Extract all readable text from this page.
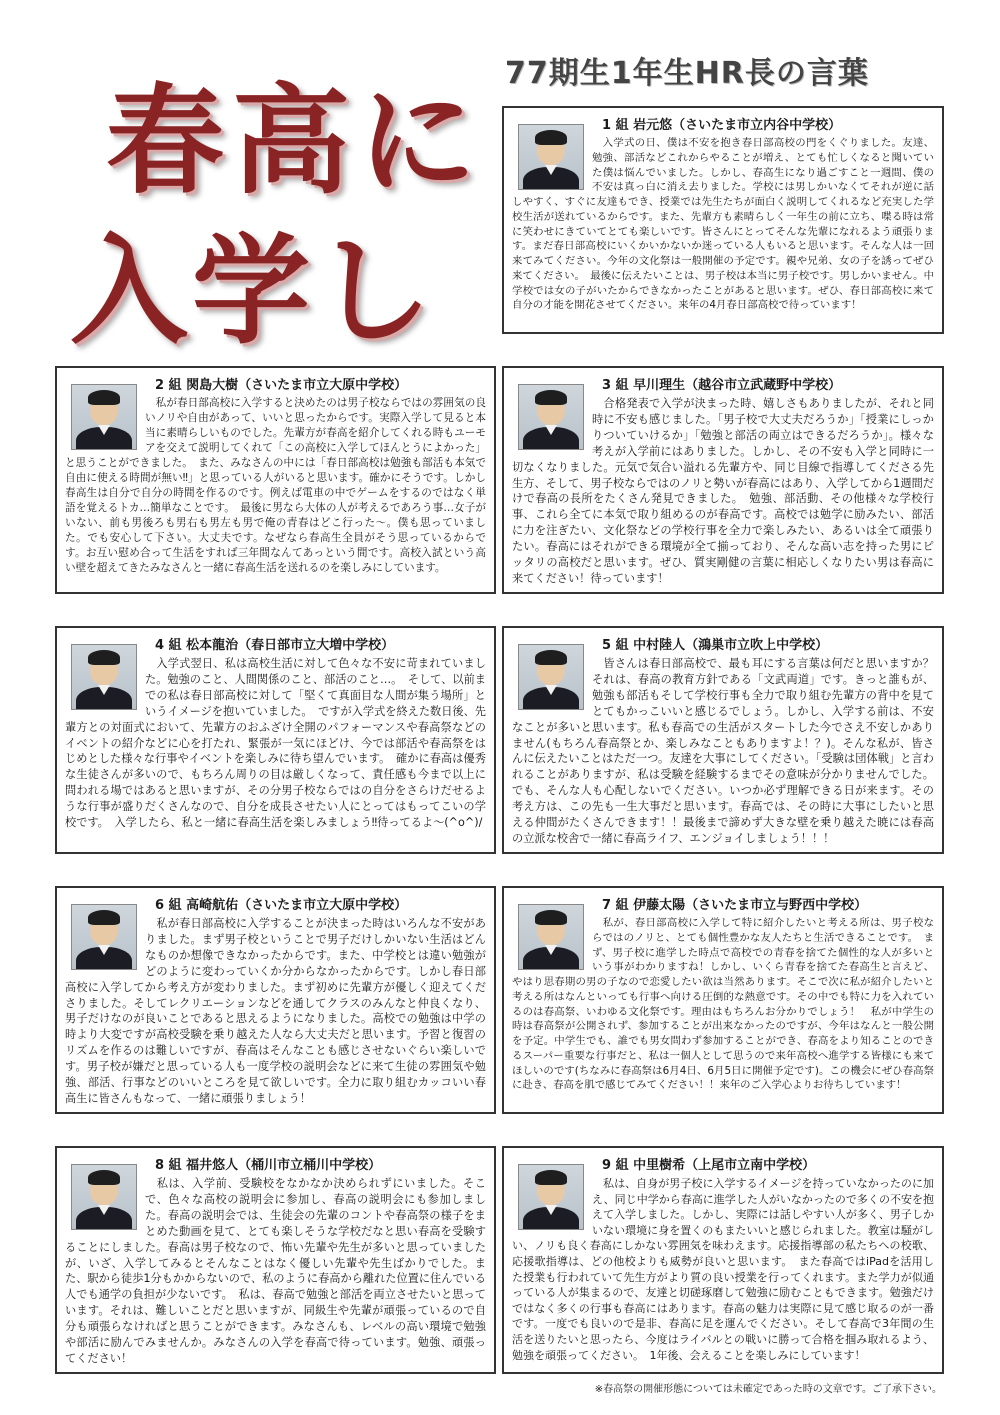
77期生1年生HR長の言葉
春高に
入学し

1 組 岩元悠（さいたま市立内谷中学校）

　入学式の日、僕は不安を抱き春日部高校の門をくぐりました。友達、勉強、部活などこれからやることが増え、とても忙しくなると聞いていた僕は悩んでいました。しかし、春高生になり過ごすこと一週間、僕の不安は真っ白に消え去りました。学校には男しかいなくてそれが逆に話しやすく、すぐに友達もでき、授業では先生たちが面白く説明してくれるなど充実した学校生活が送れているからです。また、先輩方も素晴らしく一年生の前に立ち、喋る時は常に笑わせにきていてとても楽しいです。皆さんにとってそんな先輩になれるよう頑張ります。まだ春日部高校にいくかいかないか迷っている人もいると思います。そんな人は一回来てみてください。今年の文化祭は一般開催の予定です。親や兄弟、女の子を誘ってぜひ来てください。　最後に伝えたいことは、男子校は本当に男子校です。男しかいません。中学校では女の子がいたからできなかったことがあると思います。ぜひ、春日部高校に来て自分の才能を開花させてください。来年の4月春日部高校で待っています！

2 組 関島大樹（さいたま市立大原中学校）

　私が春日部高校に入学すると決めたのは男子校ならではの雰囲気の良いノリや自由があって、いいと思ったからです。実際入学して見ると本当に素晴らしいものでした。先輩方が春高を紹介してくれる時もユーモアを交えて説明してくれて「この高校に入学してほんとうによかった」と思うことができました。　また、みなさんの中には「春日部高校は勉強も部活も本気で自由に使える時間が無い‼」と思っている人がいると思います。確かにそうです。しかし春高生は自分で自分の時間を作るのです。例えば電車の中でゲームをするのではなく単語を覚えるトカ…簡単なことです。　最後に男なら大体の人が考えるであろう事…女子がいない、前も男後ろも男右も男左も男で俺の青春はどこ行った～。僕も思っていました。でも安心して下さい。大丈夫です。なぜなら春高生全員がそう思っているからです。お互い慰め合って生活をすれば三年間なんてあっという間です。高校入試という高い壁を超えてきたみなさんと一緒に春高生活を送れるのを楽しみにしています。

3 組 早川理生（越谷市立武蔵野中学校）

　合格発表で入学が決まった時、嬉しさもありましたが、それと同時に不安も感じました。「男子校で大丈夫だろうか」「授業にしっかりついていけるか」「勉強と部活の両立はできるだろうか」。様々な考えが入学前にはありました。しかし、その不安も入学と同時に一切なくなりました。元気で気合い溢れる先輩方や、同じ目線で指導してくださる先生方、そして、男子校ならではのノリと勢いが春高にはあり、入学してから1週間だけで春高の長所をたくさん発見できました。　勉強、部活動、その他様々な学校行事、これら全てに本気で取り組めるのが春高です。高校では勉学に励みたい、部活に力を注ぎたい、文化祭などの学校行事を全力で楽しみたい、あるいは全て頑張りたい。春高にはそれができる環境が全て揃っており、そんな高い志を持った男にピッタリの高校だと思います。ぜひ、質実剛健の言葉に相応しくなりたい男は春高に来てください！待っています！

4 組 松本龍治（春日部市立大増中学校）

　入学式翌日、私は高校生活に対して色々な不安に苛まれていました。勉強のこと、人間関係のこと、部活のこと…。　そして、以前までの私は春日部高校に対して「堅くて真面目な人間が集う場所」というイメージを抱いていました。　ですが入学式を終えた数日後、先輩方との対面式において、先輩方のおふざけ全開のパフォーマンスや春高祭などのイベントの紹介などに心を打たれ、緊張が一気にほどけ、今では部活や春高祭をはじめとした様々な行事やイベントを楽しみに待ち望んでいます。　確かに春高は優秀な生徒さんが多いので、もちろん周りの目は厳しくなって、責任感も今まで以上に問われる場ではあると思いますが、その分男子校ならではの自分をさらけだせるような行事が盛りだくさんなので、自分を成長させたい人にとってはもってこいの学校です。　入学したら、私と一緒に春高生活を楽しみましょう‼待ってるよ～(^o^)/

5 組 中村陸人（鴻巣市立吹上中学校）

　皆さんは春日部高校で、最も耳にする言葉は何だと思いますか？それは、春高の教育方針である「文武両道」です。きっと誰もが、勉強も部活もそして学校行事も全力で取り組む先輩方の背中を見てとてもかっこいいと感じるでしょう。しかし、入学する前は、不安なことが多いと思います。私も春高での生活がスタートした今でさえ不安しかありません(もちろん春高祭とか、楽しみなこともありますよ！？)。そんな私が、皆さんに伝えたいことはただ一つ。友達を大事にしてください。「受験は団体戦」と言われることがありますが、私は受験を経験するまでその意味が分かりませんでした。でも、そんな人も心配しないでください。いつか必ず理解できる日が来ます。その考え方は、この先も一生大事だと思います。春高では、その時に大事にしたいと思える仲間がたくさんできます！！最後まで諦めず大きな壁を乗り越えた暁には春高の立派な校舎で一緒に春高ライフ、エンジョイしましょう！！！

6 組 高崎航佑（さいたま市立大原中学校）

　私が春日部高校に入学することが決まった時はいろんな不安がありました。まず男子校ということで男子だけしかいない生活はどんなものか想像できなかったからです。また、中学校とは違い勉強がどのように変わっていくか分からなかったからです。しかし春日部高校に入学してから考え方が変わりました。まず初めに先輩方が優しく迎えてくださりました。そしてレクリエーションなどを通してクラスのみんなと仲良くなり、男子だけなのが良いことであると思えるようになりました。高校での勉強は中学の時より大変ですが高校受験を乗り越えた人なら大丈夫だと思います。予習と復習のリズムを作るのは難しいですが、春高はそんなことも感じさせないぐらい楽しいです。男子校が嫌だと思っている人も一度学校の説明会などに来て生徒の雰囲気や勉強、部活、行事などのいいところを見て欲しいです。全力に取り組むカッコいい春高生に皆さんもなって、一緒に頑張りましょう！

7 組 伊藤太陽（さいたま市立与野西中学校）

　私が、春日部高校に入学して特に紹介したいと考える所は、男子校ならではのノリと、とても個性豊かな友人たちと生活できることです。　まず、男子校に進学した時点で高校での青春を捨てた個性的な人が多いという事がわかりますね！しかし、いくら青春を捨てた春高生と言えど、やはり思春期の男の子なので恋愛したい欲は当然あります。そこで次に私が紹介したいと考える所はなんといっても行事へ向ける圧倒的な熱意です。その中でも特に力を入れているのは春高祭、いわゆる文化祭です。理由はもちろんお分かりでしょう！　私が中学生の時は春高祭が公開されず、参加することが出来なかったのですが、今年はなんと一般公開を予定。中学生でも、誰でも男女問わず参加することができ、春高をより知ることのできるスーパー重要な行事だと、私は一個人として思うので来年高校へ進学する皆様にも来てほしいのです(ちなみに春高祭は6月4日、6月5日に開催予定です)。この機会にぜひ春高祭に赴き、春高を肌で感じてみてください！！来年のご入学心よりお待ちしています！

8 組 福井悠人（桶川市立桶川中学校）

　私は、入学前、受験校をなかなか決められずにいました。そこで、色々な高校の説明会に参加し、春高の説明会にも参加しました。春高の説明会では、生徒会の先輩のコントや春高祭の様子をまとめた動画を見て、とても楽しそうな学校だなと思い春高を受験することにしました。春高は男子校なので、怖い先輩や先生が多いと思っていましたが、いざ、入学してみるとそんなことはなく優しい先輩や先生ばかりでした。また、駅から徒歩1分もかからないので、私のように春高から離れた位置に住んでいる人でも通学の負担が少ないです。　私は、春高で勉強と部活を両立させたいと思っています。それは、難しいことだと思いますが、同級生や先輩が頑張っているので自分も頑張らなければと思うことができます。みなさんも、レベルの高い環境で勉強や部活に励んでみませんか。みなさんの入学を春高で待っています。勉強、頑張ってください！

9 組 中里樹希（上尾市立南中学校）

　私は、自身が男子校に入学するイメージを持っていなかったのに加え、同じ中学から春高に進学した人がいなかったので多くの不安を抱えて入学しました。しかし、実際には話しやすい人が多く、男子しかいない環境に身を置くのもまたいいと感じられました。教室は騒がしい、ノリも良く春高にしかない雰囲気を味わえます。応援指導部の私たちへの校歌、応援歌指導は、どの他校よりも威勢が良いと思います。　また春高ではiPadを活用した授業も行われていて先生方がより質の良い授業を行ってくれます。また学力が似通っている人が集まるので、友達と切磋琢磨して勉強に励むこともできます。勉強だけではなく多くの行事も春高にはあります。春高の魅力は実際に見て感じ取るのが一番です。一度でも良いので是非、春高に足を運んでください。そして春高で3年間の生活を送りたいと思ったら、今度はライバルとの戦いに勝って合格を掴み取れるよう、勉強を頑張ってください。　1年後、会えることを楽しみにしています！

※春高祭の開催形態については未確定であった時の文章です。ご了承下さい。
